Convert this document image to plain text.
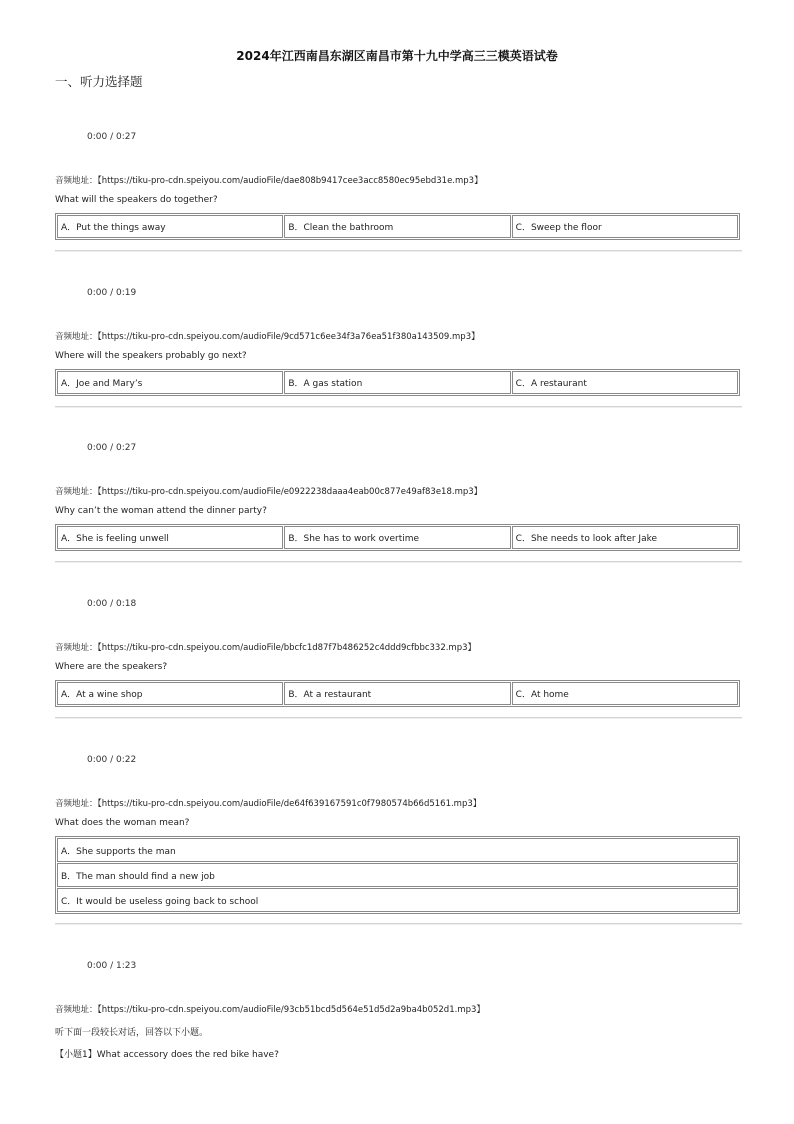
2024年江西南昌东湖区南昌市第十九中学高三三模英语试卷
一、听力选择题
0:00 / 0:27
音频地址：【https://tiku-pro-cdn.speiyou.com/audioFile/dae808b9417cee3acc8580ec95ebd31e.mp3】
What will the speakers do together?
A．Put the things away	B．Clean the bathroom	C．Sweep the floor
0:00 / 0:19
音频地址：【https://tiku-pro-cdn.speiyou.com/audioFile/9cd571c6ee34f3a76ea51f380a143509.mp3】
Where will the speakers probably go next?
A．Joe and Mary’s	B．A gas station	C．A restaurant
0:00 / 0:27
音频地址：【https://tiku-pro-cdn.speiyou.com/audioFile/e0922238daaa4eab00c877e49af83e18.mp3】
Why can’t the woman attend the dinner party?
A．She is feeling unwell	B．She has to work overtime	C．She needs to look after Jake
0:00 / 0:18
音频地址：【https://tiku-pro-cdn.speiyou.com/audioFile/bbcfc1d87f7b486252c4ddd9cfbbc332.mp3】
Where are the speakers?
A．At a wine shop	B．At a restaurant	C．At home
0:00 / 0:22
音频地址：【https://tiku-pro-cdn.speiyou.com/audioFile/de64f639167591c0f7980574b66d5161.mp3】
What does the woman mean?
A．She supports the man
B．The man should find a new job
C．It would be useless going back to school
0:00 / 1:23
音频地址：【https://tiku-pro-cdn.speiyou.com/audioFile/93cb51bcd5d564e51d5d2a9ba4b052d1.mp3】
听下面一段较长对话，回答以下小题。
【小题1】What accessory does the red bike have?
